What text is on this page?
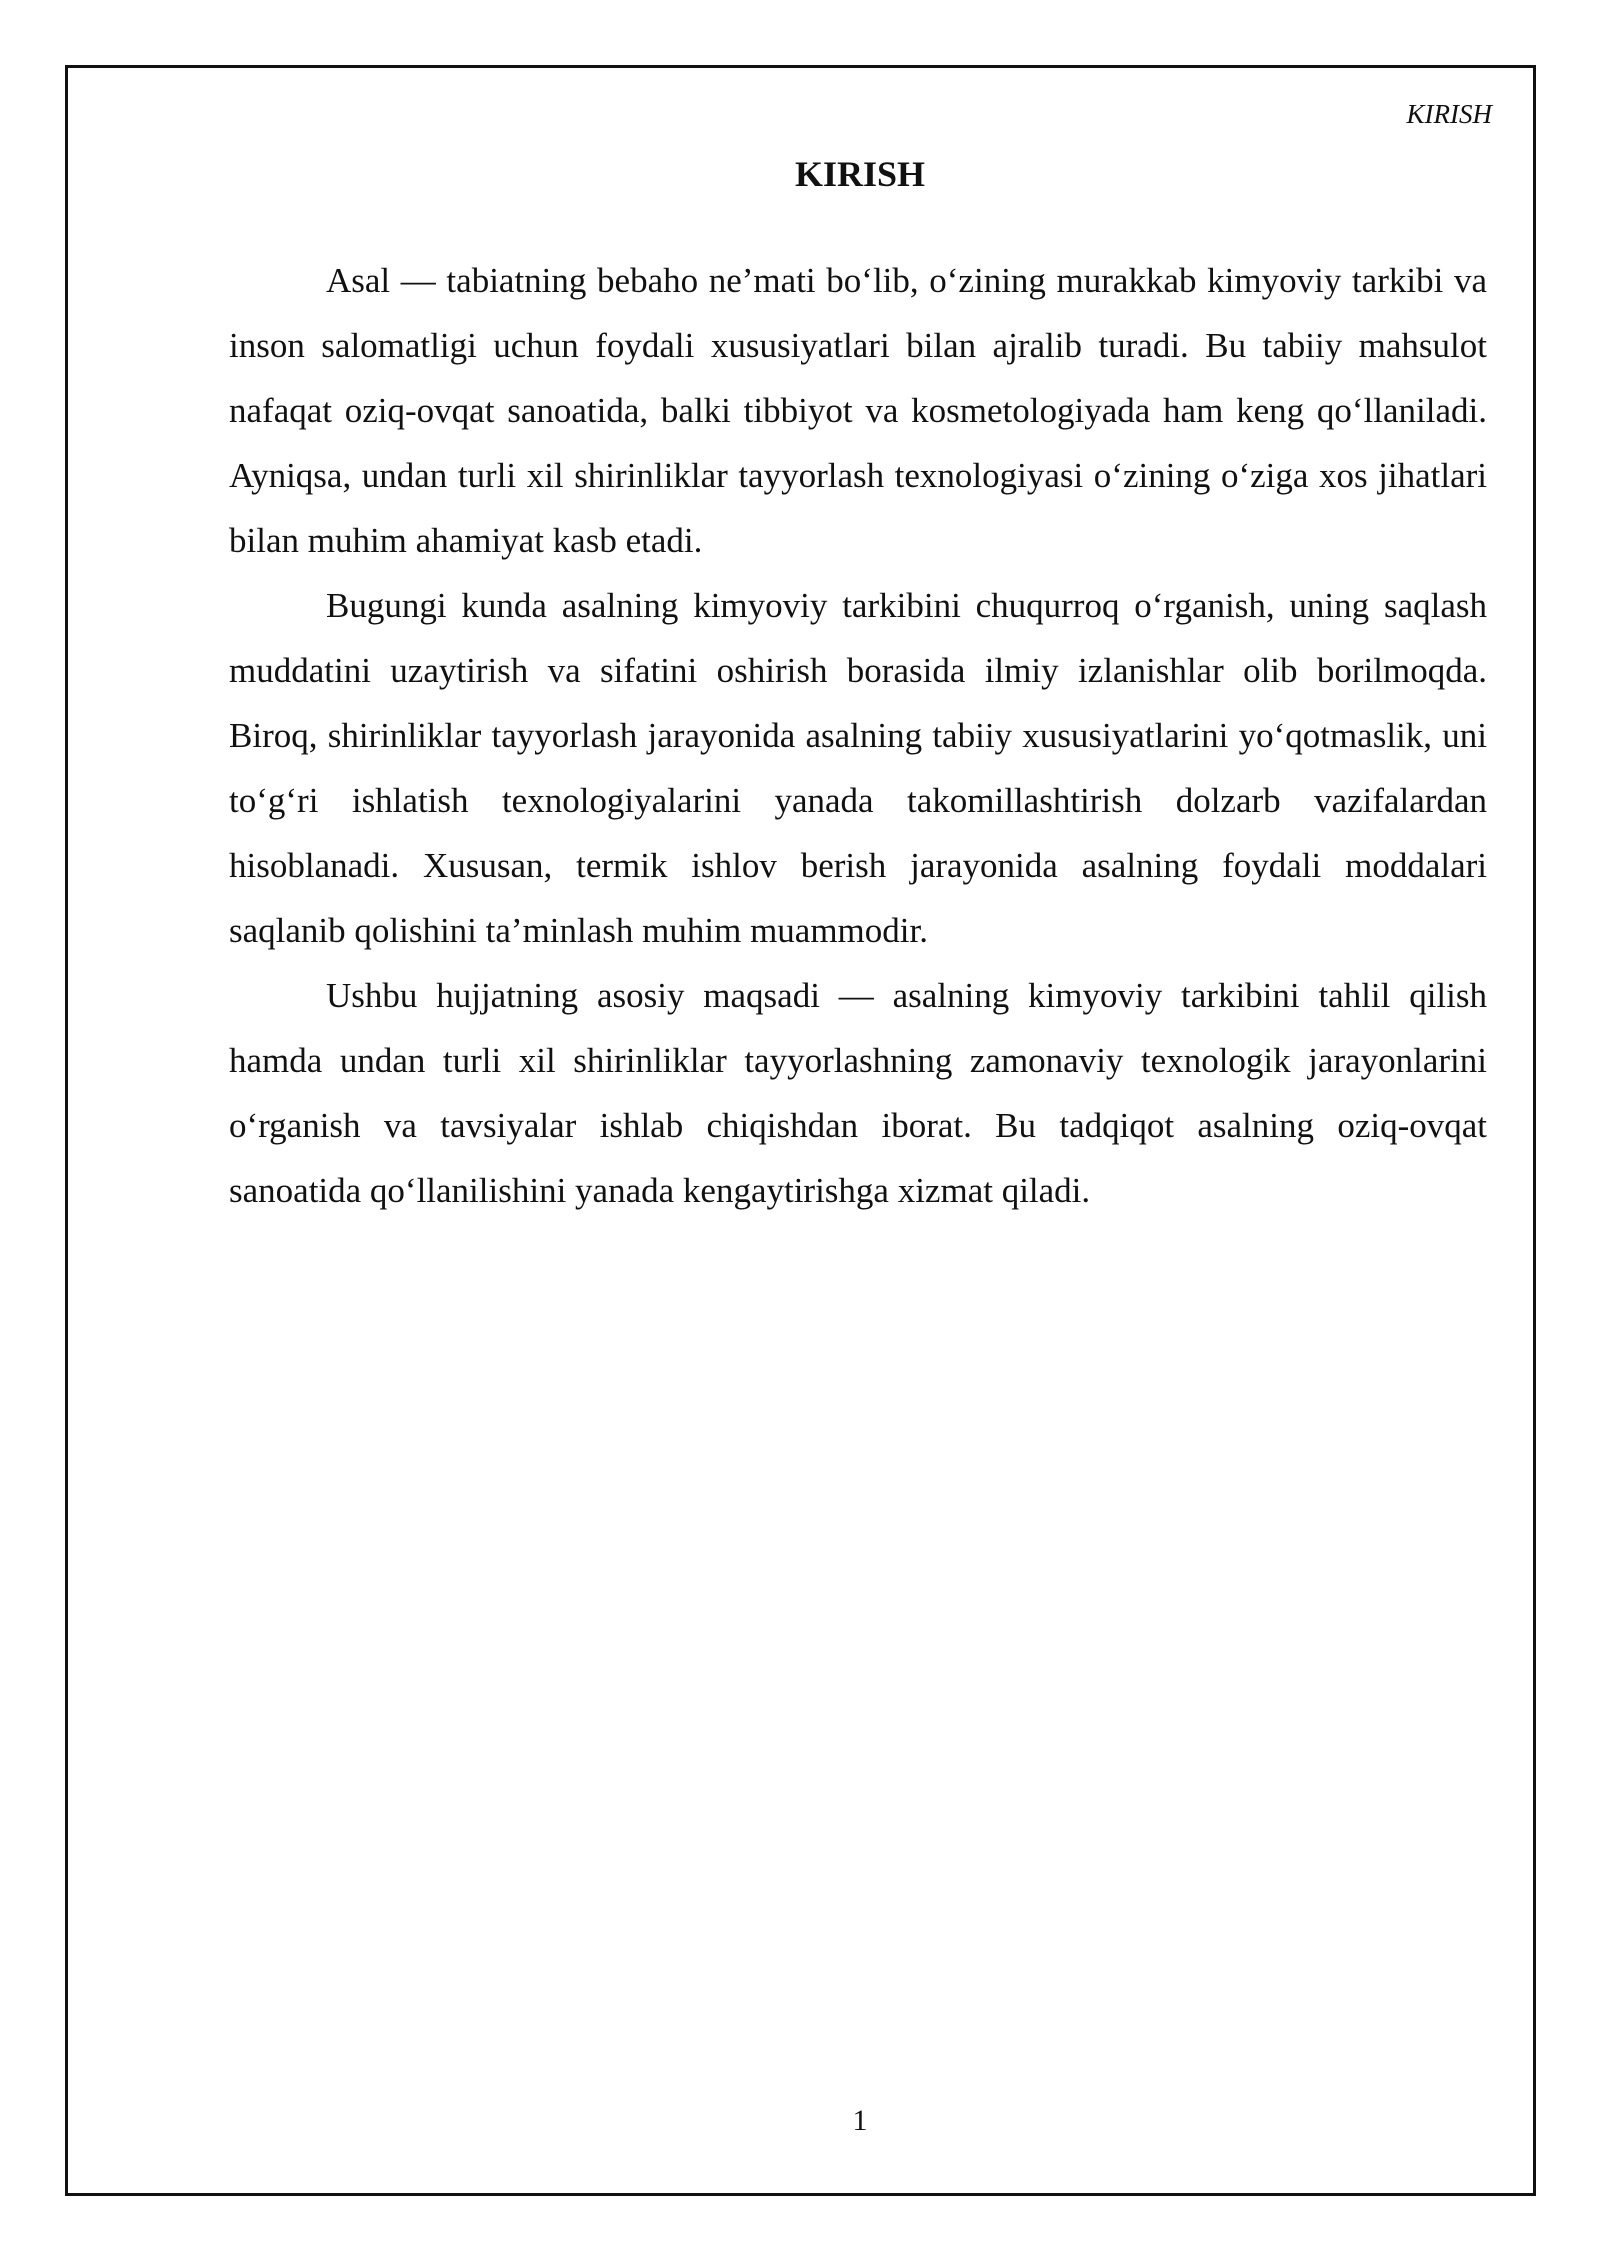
KIRISH

KIRISH

Asal — tabiatning bebaho ne’mati bo‘lib, o‘zining murakkab kimyoviy tarkibi va inson salomatligi uchun foydali xususiyatlari bilan ajralib turadi. Bu tabiiy mahsulot nafaqat oziq-ovqat sanoatida, balki tibbiyot va kosmetologiyada ham keng qo‘llaniladi. Ayniqsa, undan turli xil shirinliklar tayyorlash texnologiyasi o‘zining o‘ziga xos jihatlari bilan muhim ahamiyat kasb etadi.

Bugungi kunda asalning kimyoviy tarkibini chuqurroq o‘rganish, uning saqlash muddatini uzaytirish va sifatini oshirish borasida ilmiy izlanishlar olib borilmoqda. Biroq, shirinliklar tayyorlash jarayonida asalning tabiiy xususiyatlarini yo‘qotmaslik, uni to‘g‘ri ishlatish texnologiyalarini yanada takomillashtirish dolzarb vazifalardan hisoblanadi. Xususan, termik ishlov berish jarayonida asalning foydali moddalari saqlanib qolishini ta’minlash muhim muammodir.

Ushbu hujjatning asosiy maqsadi — asalning kimyoviy tarkibini tahlil qilish hamda undan turli xil shirinliklar tayyorlashning zamonaviy texnologik jarayonlarini o‘rganish va tavsiyalar ishlab chiqishdan iborat. Bu tadqiqot asalning oziq-ovqat sanoatida qo‘llanilishini yanada kengaytirishga xizmat qiladi.

1
